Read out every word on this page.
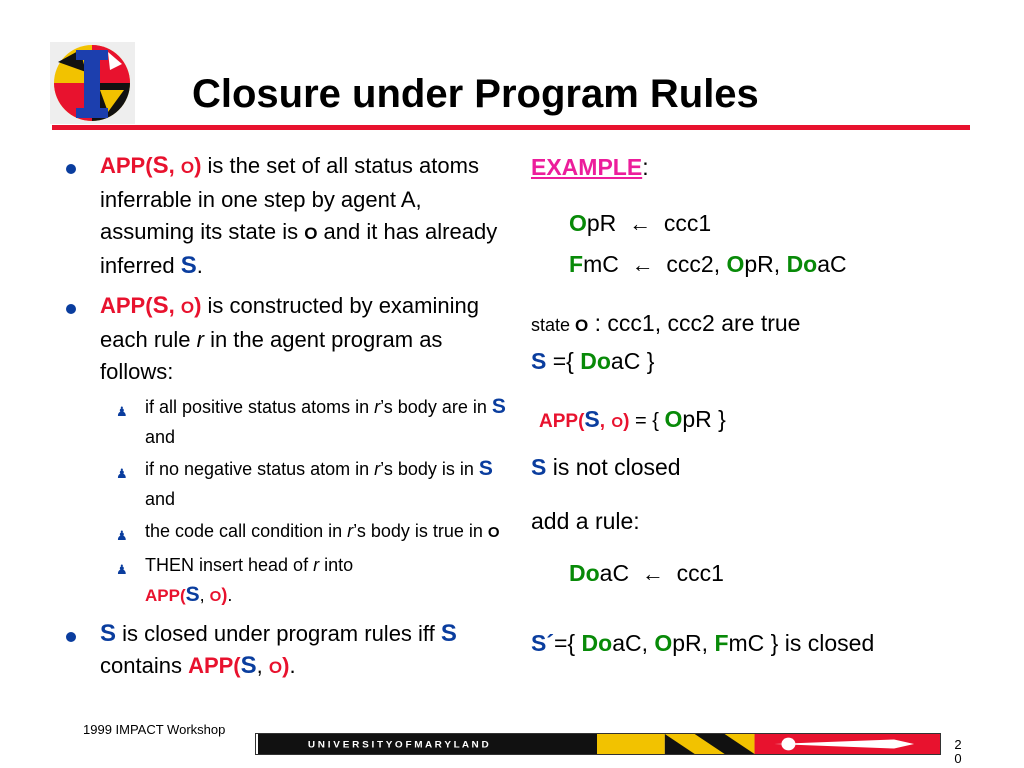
Closure under Program Rules
APP(S, O) is the set of all status atoms inferrable in one step by agent A, assuming its state is O and it has already inferred S.
APP(S, O) is constructed by examining each rule r in the agent program as follows:
♟ if all positive status atoms in r’s body are in S and
♟ if no negative status atom in r’s body is in S and
♟ the code call condition in r’s body is true in O
♟ THEN insert head of r into
APP(S, O).
S is closed under program rules iff S contains APP(S, O).
EXAMPLE:
OpR ← ccc1
FmC ← ccc2, OpR, DoaC
state O : ccc1, ccc2 are true
S ={ DoaC }
APP(S, O) = { OpR }
S is not closed
add a rule:
DoaC ← ccc1
S´={ DoaC, OpR, FmC } is closed
1999 IMPACT Workshop
U N I V E R S I T Y O F M A R Y L A N D	2
0
